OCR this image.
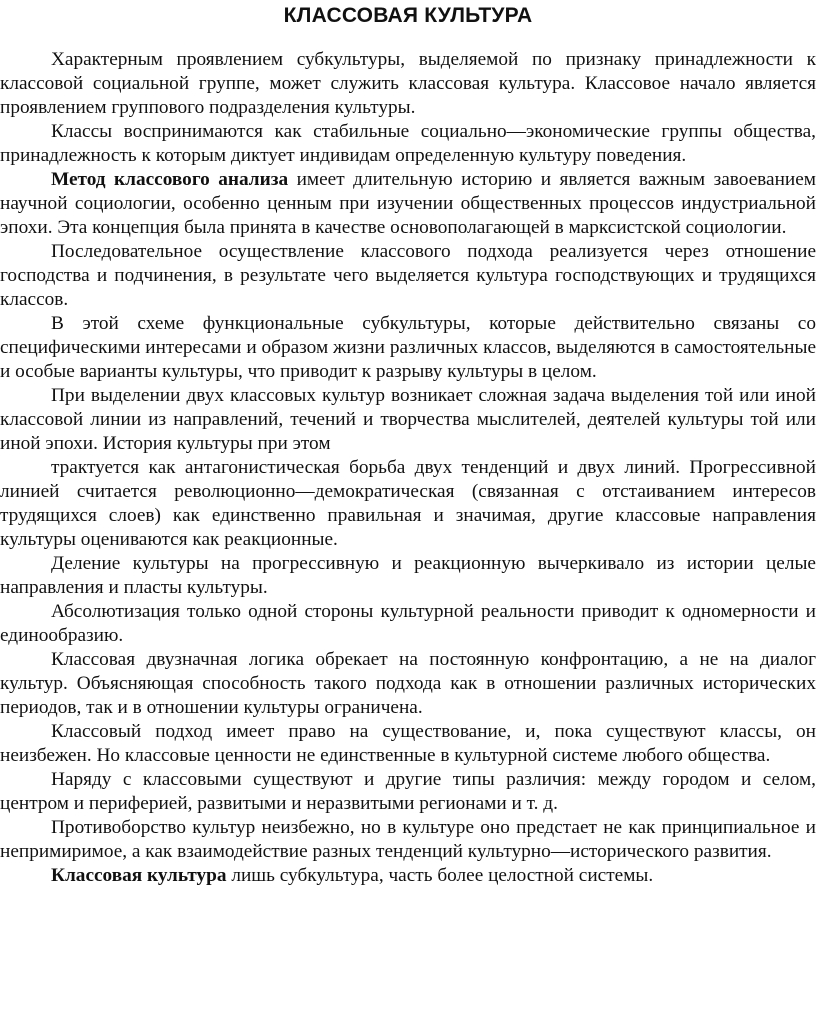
КЛАССОВАЯ КУЛЬТУРА

Характерным проявлением субкультуры, выделяемой по признаку принадлежности к классовой социальной группе, может служить классовая культура. Классовое начало является проявлением группового подразделения культуры.

Классы воспринимаются как стабильные социально—экономические группы общества, принадлежность к которым диктует индивидам определенную культуру поведения.

Метод классового анализа имеет длительную историю и является важным завоеванием научной социологии, особенно ценным при изучении общественных процессов индустриальной эпохи. Эта концепция была принята в качестве основополагающей в марксистской социологии.

Последовательное осуществление классового подхода реализуется через отношение господства и подчинения, в результате чего выделяется культура господствующих и трудящихся классов.

В этой схеме функциональные субкультуры, которые действительно связаны со специфическими интересами и образом жизни различных классов, выделяются в самостоятельные и особые варианты культуры, что приводит к разрыву культуры в целом.

При выделении двух классовых культур возникает сложная задача выделения той или иной классовой линии из направлений, течений и творчества мыслителей, деятелей культуры той или иной эпохи. История культуры при этом

трактуется как антагонистическая борьба двух тенденций и двух линий. Прогрессивной линией считается революционно—демократическая (связанная с отстаиванием интересов трудящихся слоев) как единственно правильная и значимая, другие классовые направления культуры оцениваются как реакционные.

Деление культуры на прогрессивную и реакционную вычеркивало из истории целые направления и пласты культуры.

Абсолютизация только одной стороны культурной реальности приводит к одномерности и единообразию.

Классовая двузначная логика обрекает на постоянную конфронтацию, а не на диалог культур. Объясняющая способность такого подхода как в отношении различных исторических периодов, так и в отношении культуры ограничена.

Классовый подход имеет право на существование, и, пока существуют классы, он неизбежен. Но классовые ценности не единственные в культурной системе любого общества.

Наряду с классовыми существуют и другие типы различия: между городом и селом, центром и периферией, развитыми и неразвитыми регионами и т. д.

Противоборство культур неизбежно, но в культуре оно предстает не как принципиальное и непримиримое, а как взаимодействие разных тенденций культурно—исторического развития.

Классовая культура лишь субкультура, часть более целостной системы.
